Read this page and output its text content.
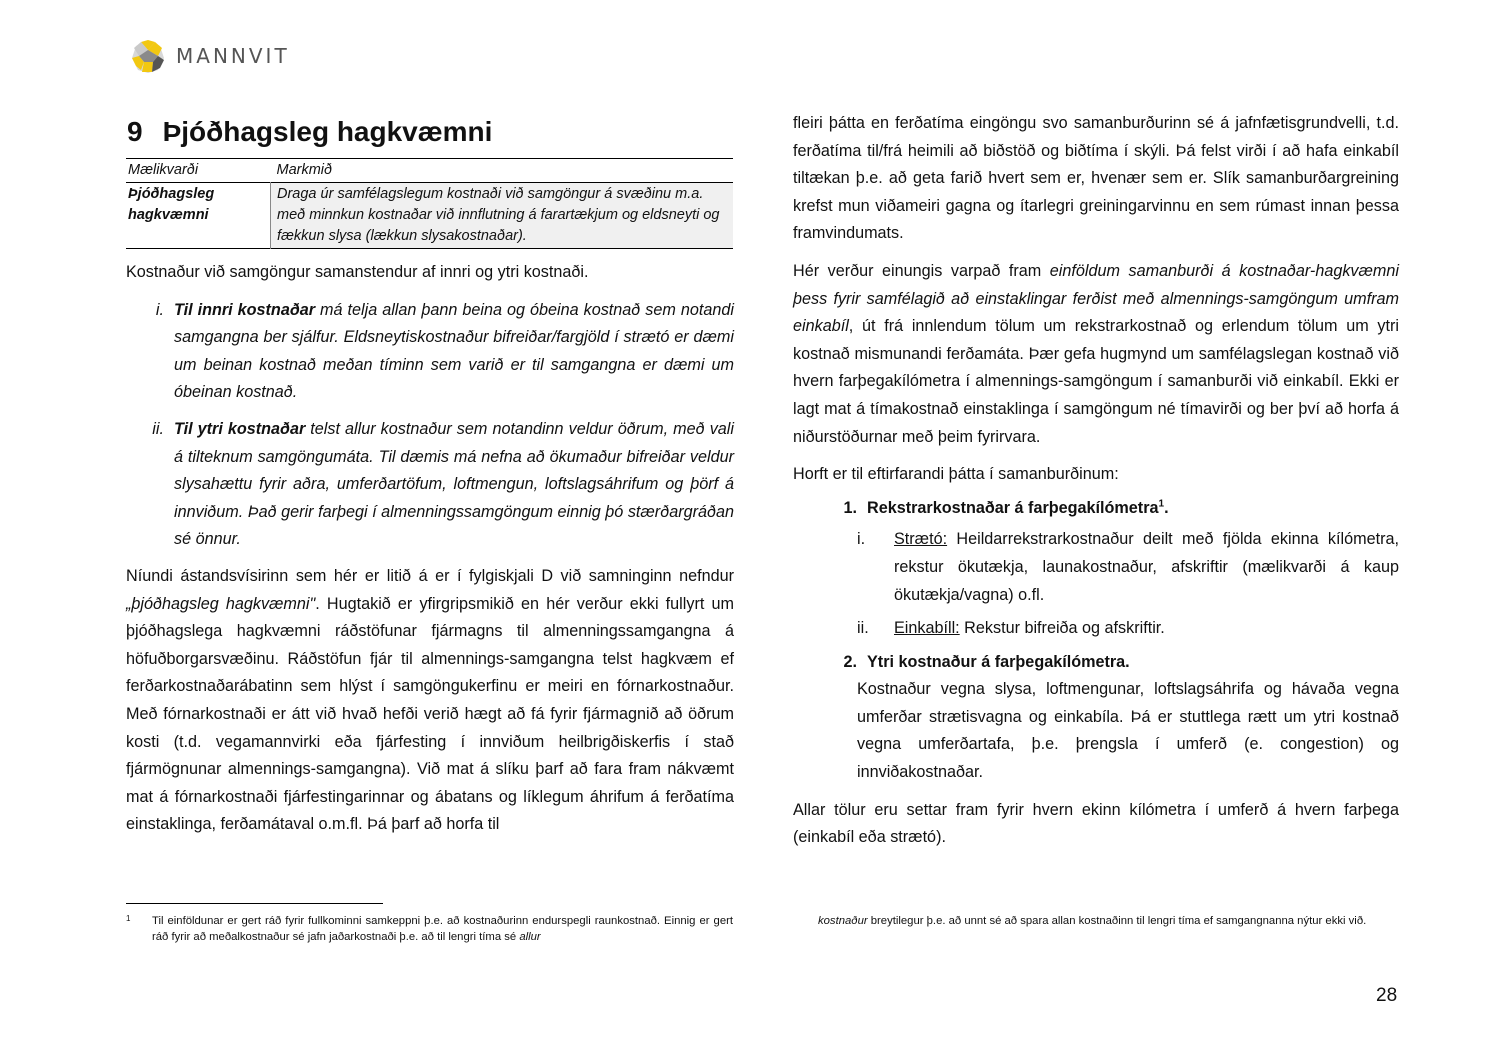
MANNVIT
9 Þjóðhagsleg hagkvæmni
Mælikvarði	Markmið
Þjóðhagsleg hagkvæmni	Draga úr samfélagslegum kostnaði við samgöngur á svæðinu m.a. með minnkun kostnaðar við innflutning á farartækjum og eldsneyti og fækkun slysa (lækkun slysakostnaðar).

Kostnaður við samgöngur samanstendur af innri og ytri kostnaði.

i. Til innri kostnaðar má telja allan þann beina og óbeina kostnað sem notandi samgangna ber sjálfur. Eldsneytiskostnaður bifreiðar/fargjöld í strætó er dæmi um beinan kostnað meðan tíminn sem varið er til samgangna er dæmi um óbeinan kostnað.
ii. Til ytri kostnaðar telst allur kostnaður sem notandinn veldur öðrum, með vali á tilteknum samgöngumáta. Til dæmis má nefna að ökumaður bifreiðar veldur slysahættu fyrir aðra, umferðartöfum, loftmengun, loftslagsáhrifum og þörf á innviðum. Það gerir farþegi í almenningssamgöngum einnig þó stærðargráðan sé önnur.

Níundi ástandsvísirinn sem hér er litið á er í fylgiskjali D við samninginn nefndur „þjóðhagsleg hagkvæmni". Hugtakið er yfirgripsmikið en hér verður ekki fullyrt um þjóðhagslega hagkvæmni ráðstöfunar fjármagns til almenningssamgangna á höfuðborgarsvæðinu. Ráðstöfun fjár til almennings-samgangna telst hagkvæm ef ferðarkostnaðarábatinn sem hlýst í samgöngukerfinu er meiri en fórnarkostnaður. Með fórnarkostnaði er átt við hvað hefði verið hægt að fá fyrir fjármagnið að öðrum kosti (t.d. vegamannvirki eða fjárfesting í innviðum heilbrigðiskerfis í stað fjármögnunar almennings-samgangna). Við mat á slíku þarf að fara fram nákvæmt mat á fórnarkostnaði fjárfestingarinnar og ábatans og líklegum áhrifum á ferðatíma einstaklinga, ferðamátaval o.m.fl. Þá þarf að horfa til

fleiri þátta en ferðatíma eingöngu svo samanburðurinn sé á jafnfætisgrundvelli, t.d. ferðatíma til/frá heimili að biðstöð og biðtíma í skýli. Þá felst virði í að hafa einkabíl tiltækan þ.e. að geta farið hvert sem er, hvenær sem er. Slík samanburðargreining krefst mun viðameiri gagna og ítarlegri greiningarvinnu en sem rúmast innan þessa framvindumats.

Hér verður einungis varpað fram einföldum samanburði á kostnaðar-hagkvæmni þess fyrir samfélagið að einstaklingar ferðist með almennings-samgöngum umfram einkabíl, út frá innlendum tölum um rekstrarkostnað og erlendum tölum um ytri kostnað mismunandi ferðamáta. Þær gefa hugmynd um samfélagslegan kostnað við hvern farþegakílómetra í almennings-samgöngum í samanburði við einkabíl. Ekki er lagt mat á tímakostnað einstaklinga í samgöngum né tímavirði og ber því að horfa á niðurstöðurnar með þeim fyrirvara.

Horft er til eftirfarandi þátta í samanburðinum:

1. Rekstrarkostnaðar á farþegakílómetra$^1$.
i.	Strætó: Heildarrekstrarkostnaður deilt með fjölda ekinna kílómetra, rekstur ökutækja, launakostnaður, afskriftir (mælikvarði á kaup ökutækja/vagna) o.fl.
ii.	Einkabíll: Rekstur bifreiða og afskriftir.
2. Ytri kostnaður á farþegakílómetra.

Kostnaður vegna slysa, loftmengunar, loftslagsáhrifa og hávaða vegna umferðar strætisvagna og einkabíla. Þá er stuttlega rætt um ytri kostnað vegna umferðartafa, þ.e. þrengsla í umferð (e. congestion) og innviðakostnaðar.

Allar tölur eru settar fram fyrir hvern ekinn kílómetra í umferð á hvern farþega (einkabíl eða strætó).

1	Til einföldunar er gert ráð fyrir fullkominni samkeppni þ.e. að kostnaðurinn endurspegli raunkostnað. Einnig er gert ráð fyrir að meðalkostnaður sé jafn jaðarkostnaði þ.e. að til lengri tíma sé allur
kostnaður breytilegur þ.e. að unnt sé að spara allan kostnaðinn til lengri tíma ef samgangnanna nýtur ekki við.
28
